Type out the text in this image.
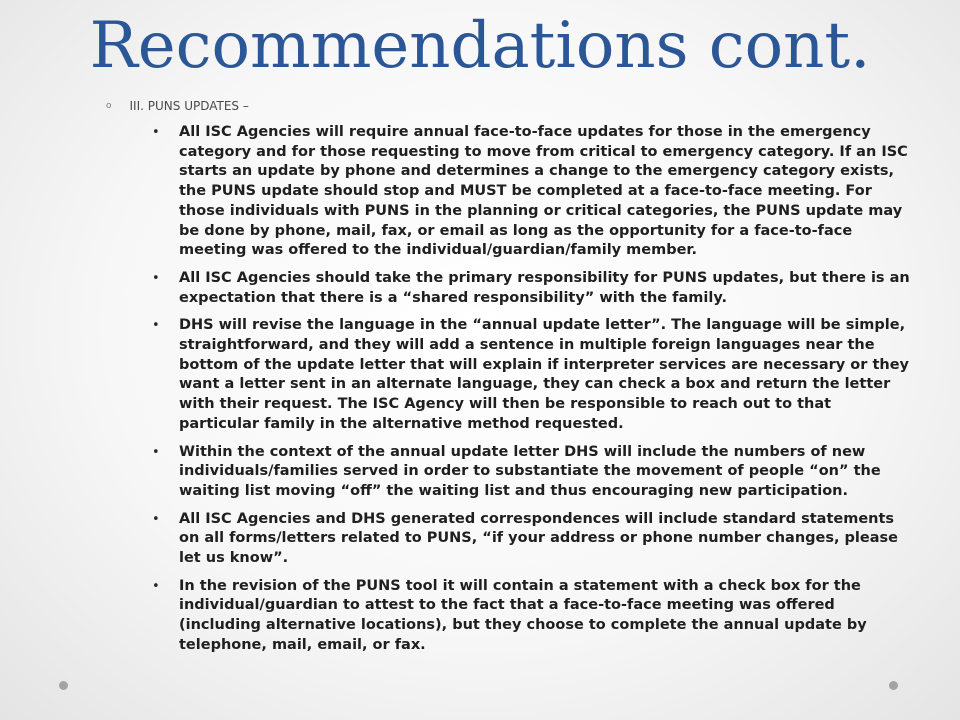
Recommendations cont.
o III. PUNS UPDATES –
• All ISC Agencies will require annual face-to-face updates for those in the emergency category and for those requesting to move from critical to emergency category. If an ISC starts an update by phone and determines a change to the emergency category exists, the PUNS update should stop and MUST be completed at a face-to-face meeting. For those individuals with PUNS in the planning or critical categories, the PUNS update may be done by phone, mail, fax, or email as long as the opportunity for a face-to-face meeting was offered to the individual/guardian/family member.
• All ISC Agencies should take the primary responsibility for PUNS updates, but there is an expectation that there is a “shared responsibility” with the family.
• DHS will revise the language in the “annual update letter”. The language will be simple, straightforward, and they will add a sentence in multiple foreign languages near the bottom of the update letter that will explain if interpreter services are necessary or they want a letter sent in an alternate language, they can check a box and return the letter with their request. The ISC Agency will then be responsible to reach out to that particular family in the alternative method requested.
• Within the context of the annual update letter DHS will include the numbers of new individuals/families served in order to substantiate the movement of people “on” the waiting list moving “off” the waiting list and thus encouraging new participation.
• All ISC Agencies and DHS generated correspondences will include standard statements on all forms/letters related to PUNS, “if your address or phone number changes, please let us know”.
• In the revision of the PUNS tool it will contain a statement with a check box for the individual/guardian to attest to the fact that a face-to-face meeting was offered (including alternative locations), but they choose to complete the annual update by telephone, mail, email, or fax.
